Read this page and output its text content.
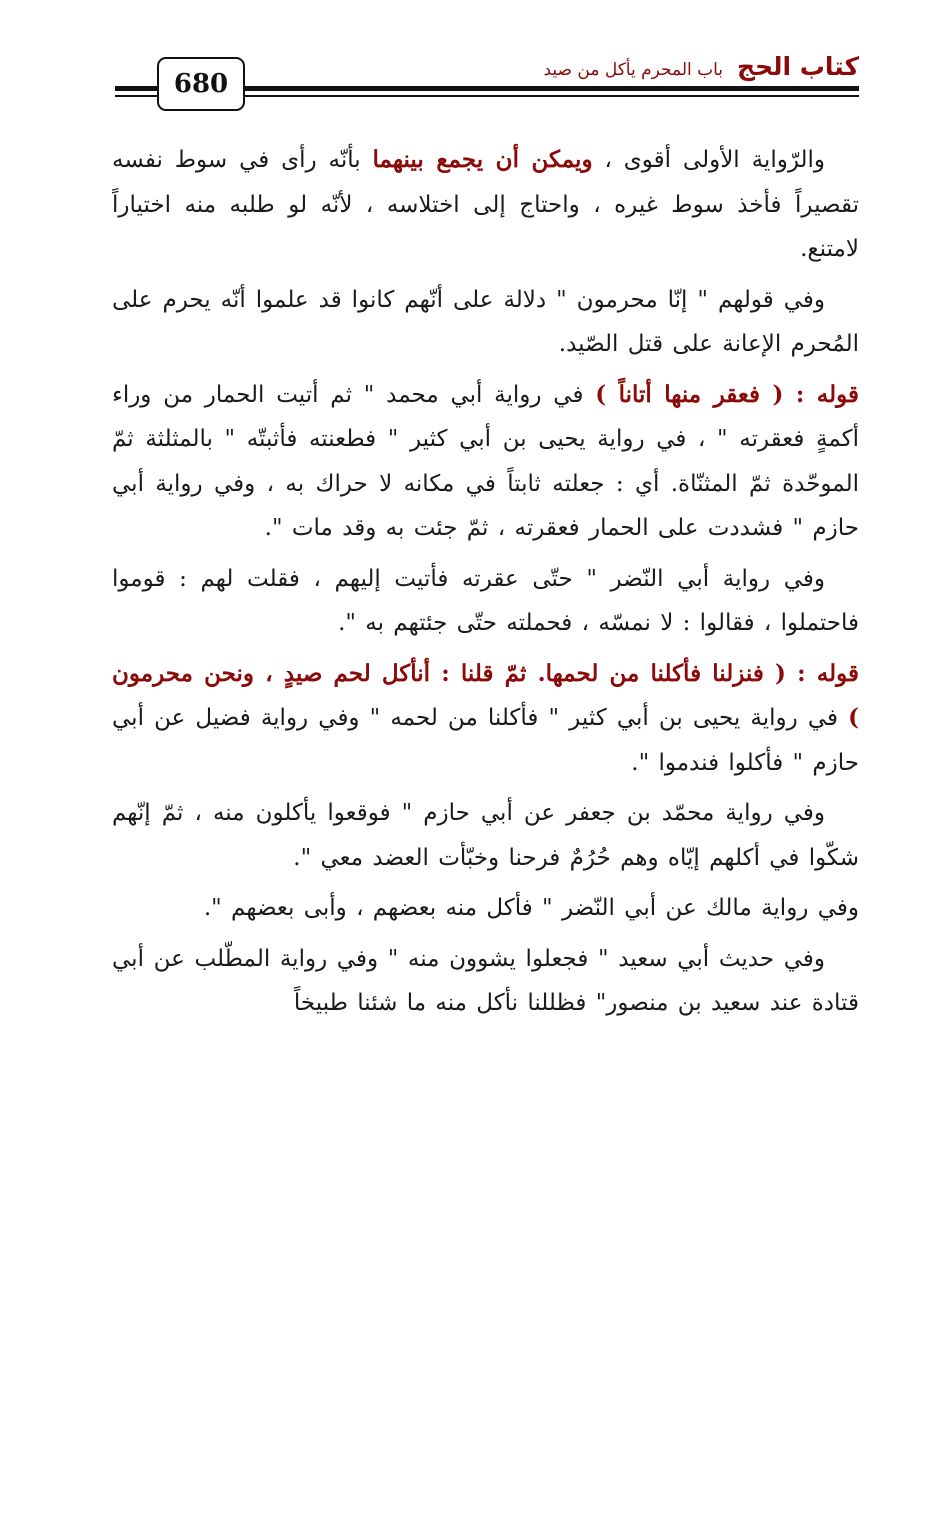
680
كتاب الحج
باب المحرم يأكل من صيد

والرّواية الأولى أقوى ، ويمكن أن يجمع بينهما بأنّه رأى في سوط نفسه تقصيراً فأخذ سوط غيره ، واحتاج إلى اختلاسه ، لأنّه لو طلبه منه اختياراً لامتنع.

وفي قولهم " إنّا محرمون " دلالة على أنّهم كانوا قد علموا أنّه يحرم على المُحرم الإعانة على قتل الصّيد.

قوله : ( فعقر منها أتاناً ) في رواية أبي محمد " ثم أتيت الحمار من وراء أكمةٍ فعقرته " ، في رواية يحيى بن أبي كثير " فطعنته فأثبتّه " بالمثلثة ثمّ الموحّدة ثمّ المثنّاة. أي : جعلته ثابتاً في مكانه لا حراك به ، وفي رواية أبي حازم " فشددت على الحمار فعقرته ، ثمّ جئت به وقد مات ".

وفي رواية أبي النّضر " حتّى عقرته فأتيت إليهم ، فقلت لهم : قوموا فاحتملوا ، فقالوا : لا نمسّه ، فحملته حتّى جئتهم به ".

قوله : ( فنزلنا فأكلنا من لحمها. ثمّ قلنا : أنأكل لحم صيدٍ ، ونحن محرمون ) في رواية يحيى بن أبي كثير " فأكلنا من لحمه " وفي رواية فضيل عن أبي حازم " فأكلوا فندموا ".

وفي رواية محمّد بن جعفر عن أبي حازم " فوقعوا يأكلون منه ، ثمّ إنّهم شكّوا في أكلهم إيّاه وهم حُرُمٌ فرحنا وخبّأت العضد معي ".

وفي رواية مالك عن أبي النّضر " فأكل منه بعضهم ، وأبى بعضهم ".

وفي حديث أبي سعيد " فجعلوا يشوون منه " وفي رواية المطّلب عن أبي قتادة عند سعيد بن منصور" فظللنا نأكل منه ما شئنا طبيخاً
